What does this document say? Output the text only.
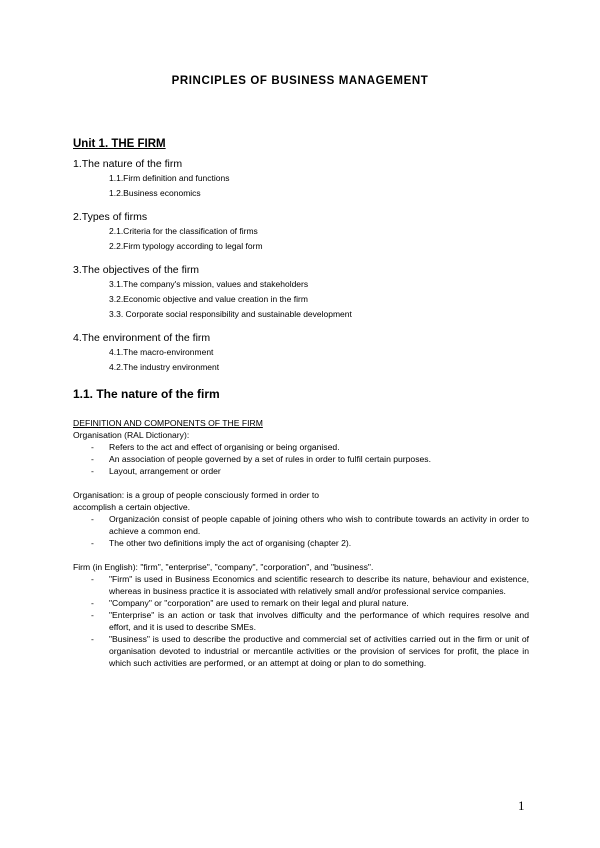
PRINCIPLES OF BUSINESS MANAGEMENT
Unit 1. THE FIRM
1.The nature of the firm
1.1.Firm definition and functions
1.2.Business economics
2.Types of firms
2.1.Criteria for the classification of firms
2.2.Firm typology according to legal form
3.The objectives of the firm
3.1.The company's mission, values and stakeholders
3.2.Economic objective and value creation in the firm
3.3. Corporate social responsibility and sustainable development
4.The environment of the firm
4.1.The macro-environment
4.2.The industry environment
1.1. The nature of the firm
DEFINITION AND COMPONENTS OF THE FIRM

Organisation (RAL Dictionary):

- Refers to the act and effect of organising or being organised.
- An association of people governed by a set of rules in order to fulfil certain purposes.
- Layout, arrangement or order

Organisation: is a group of people consciously formed in order to

accomplish a certain objective.

- Organización consist of people capable of joining others who wish to contribute towards an activity in order to achieve a common end.
- The other two definitions imply the act of organising (chapter 2).

Firm (in English): "firm", "enterprise", "company", "corporation", and "business".

- "Firm" is used in Business Economics and scientific research to describe its nature, behaviour and existence, whereas in business practice it is associated with relatively small and/or professional service companies.
- "Company" or "corporation" are used to remark on their legal and plural nature.
- "Enterprise" is an action or task that involves difficulty and the performance of which requires resolve and effort, and it is used to describe SMEs.
- "Business" is used to describe the productive and commercial set of activities carried out in the firm or unit of organisation devoted to industrial or mercantile activities or the provision of services for profit, the place in which such activities are performed, or an attempt at doing or plan to do something.
1
